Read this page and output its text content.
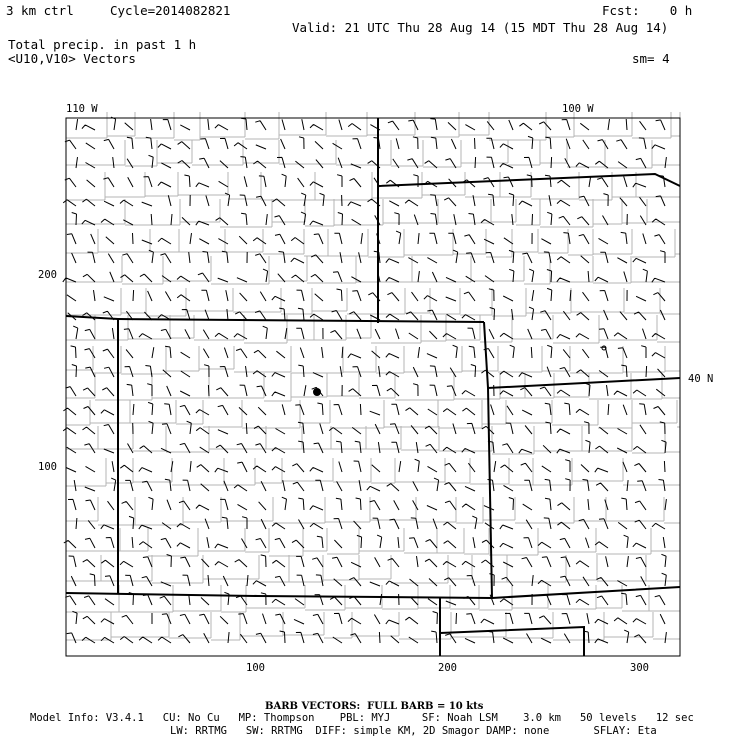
3 km ctrl	Cycle=2014082821	Fcst:    0 h
Valid: 21 UTC Thu 28 Aug 14 (15 MDT Thu 28 Aug 14)
Total precip. in past 1 h
<U10,V10> Vectors	sm= 4
110 W	100 W
40 N
200
100
100	200	300
BARB VECTORS:  FULL BARB = 10 kts
Model Info: V3.4.1   CU: No Cu   MP: Thompson    PBL: MYJ     SF: Noah LSM    3.0 km   50 levels   12 sec
LW: RRTMG   SW: RRTMG  DIFF: simple KM, 2D Smagor DAMP: none       SFLAY: Eta
